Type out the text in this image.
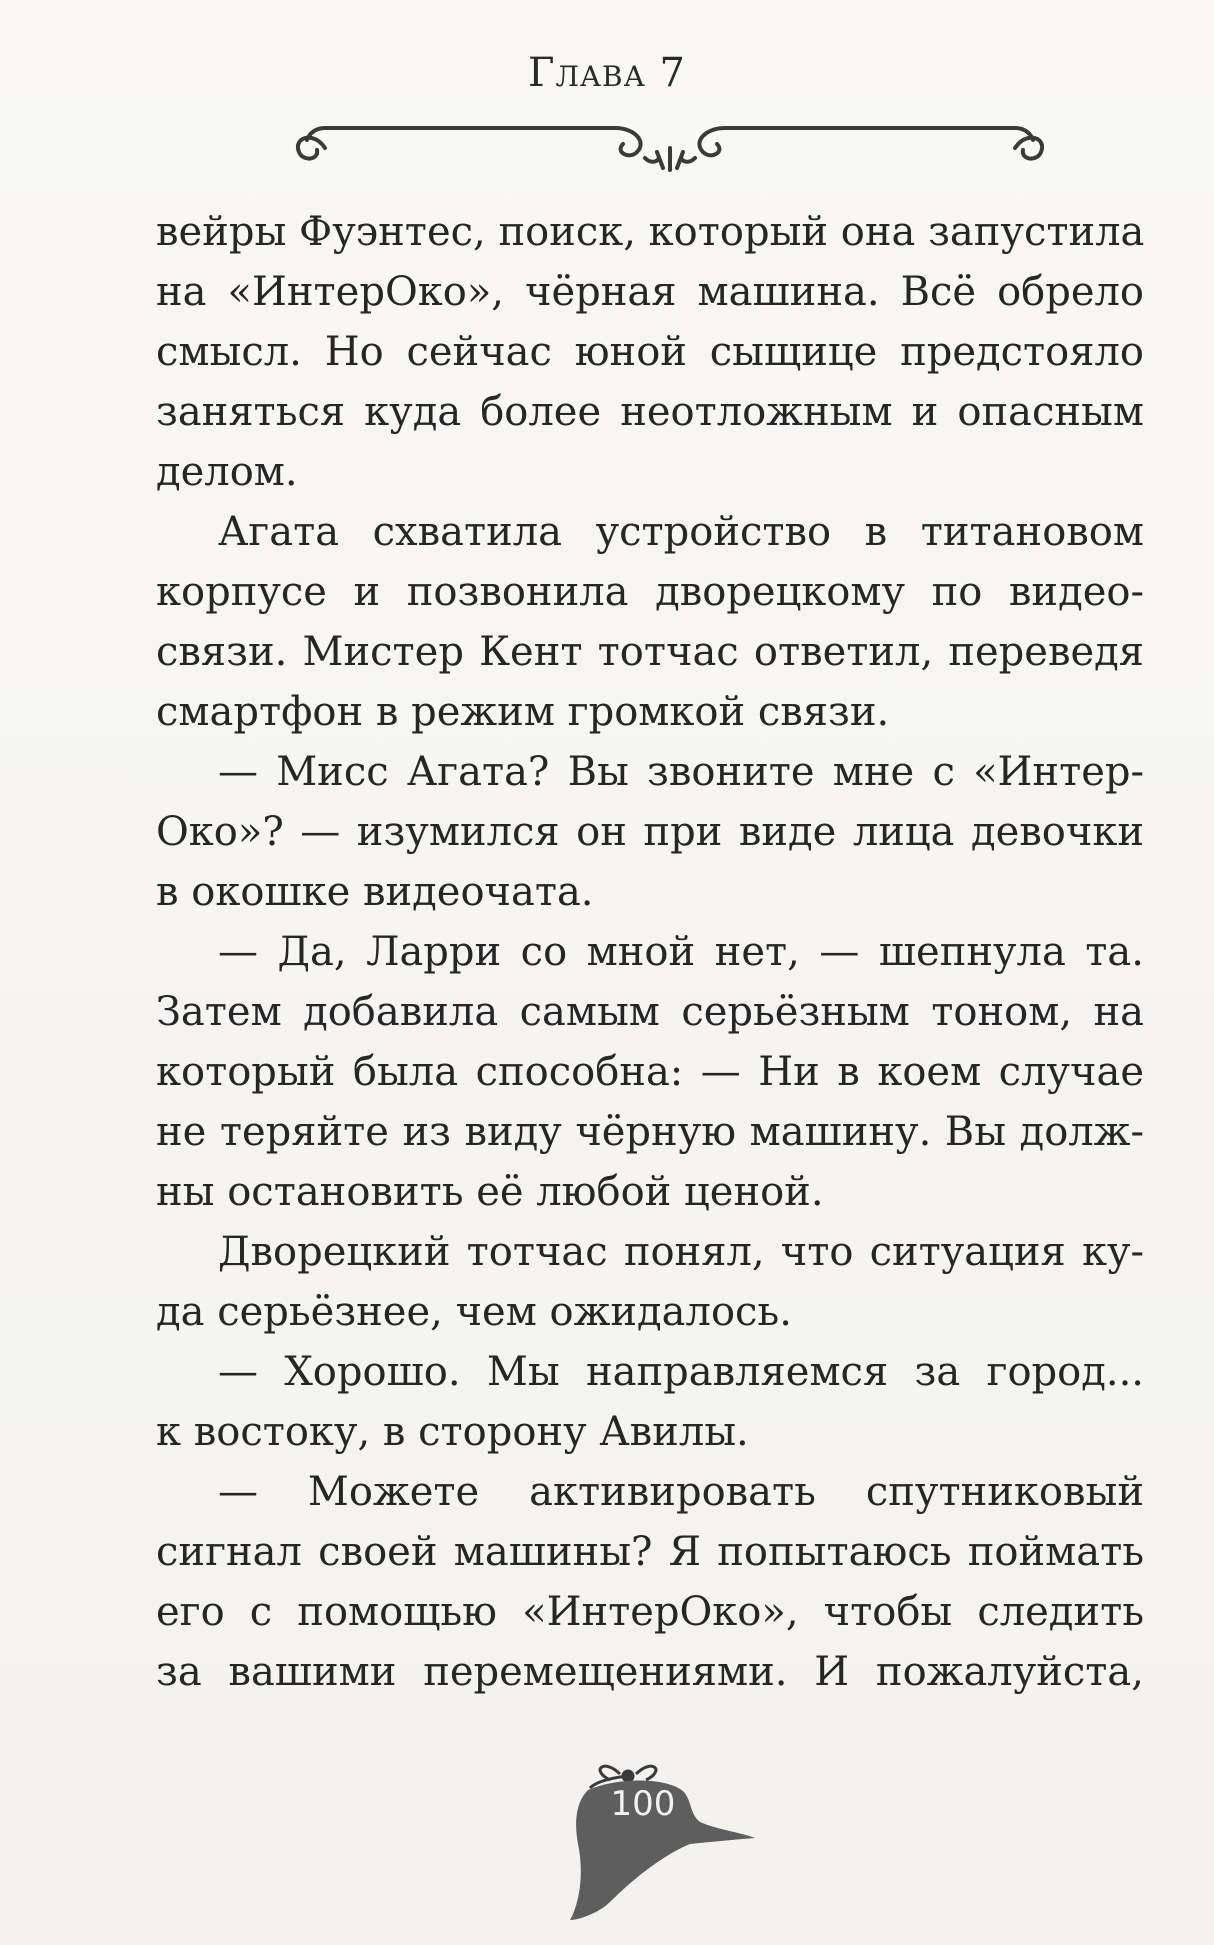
Глава 7
вейры Фуэнтес, поиск, который она запустила
на «ИнтерОко», чёрная машина. Всё обрело
смысл. Но сейчас юной сыщице предстояло
заняться куда более неотложным и опасным
делом.
Агата схватила устройство в титановом
корпусе и позвонила дворецкому по видео-
связи. Мистер Кент тотчас ответил, переведя
смартфон в режим громкой связи.
— Мисс Агата? Вы звоните мне с «Интер-
Око»? — изумился он при виде лица девочки
в окошке видеочата.
— Да, Ларри со мной нет, — шепнула та.
Затем добавила самым серьёзным тоном, на
который была способна: — Ни в коем случае
не теряйте из виду чёрную машину. Вы долж-
ны остановить её любой ценой.
Дворецкий тотчас понял, что ситуация ку-
да серьёзнее, чем ожидалось.
— Хорошо. Мы направляемся за город...
к востоку, в сторону Авилы.
— Можете активировать спутниковый
сигнал своей машины? Я попытаюсь поймать
его с помощью «ИнтерОко», чтобы следить
за вашими перемещениями. И пожалуйста,
100
